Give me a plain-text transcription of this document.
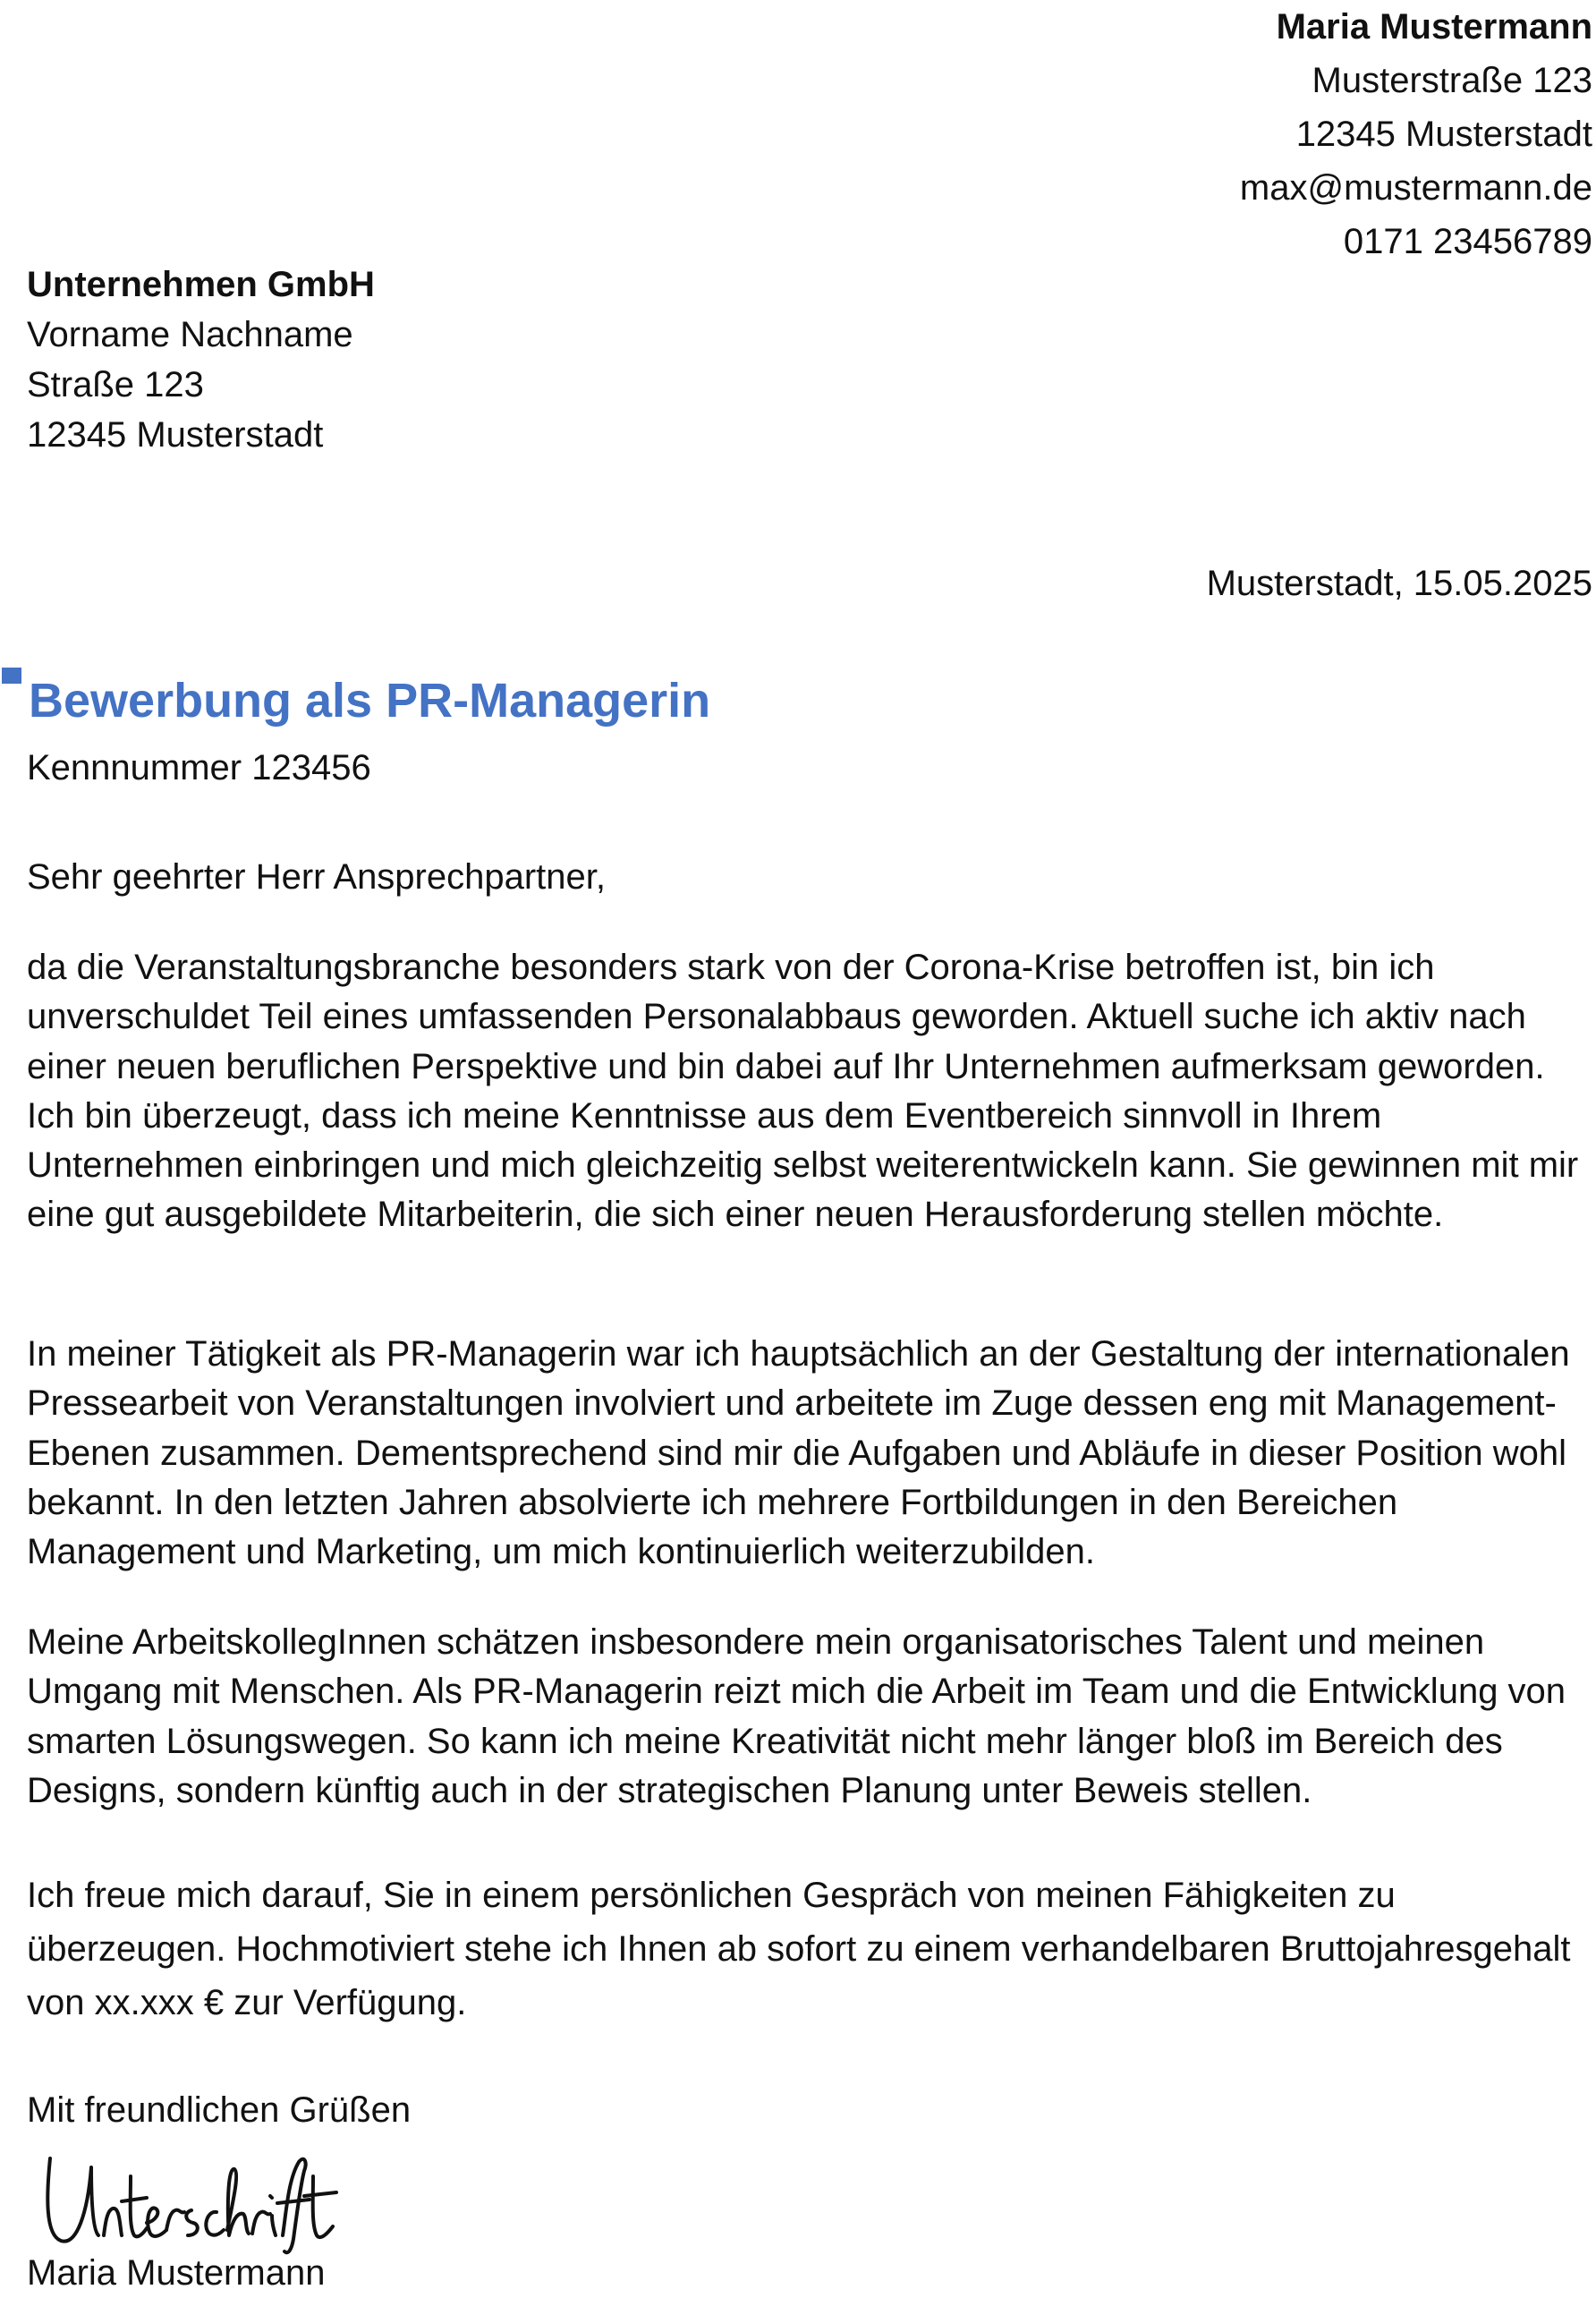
Maria Mustermann
Musterstraße 123
12345 Musterstadt
max@mustermann.de
0171 23456789
Unternehmen GmbH
Vorname Nachname
Straße 123
12345 Musterstadt
Musterstadt, 15.05.2025
Bewerbung als PR-Managerin
Kennnummer 123456
Sehr geehrter Herr Ansprechpartner,

da die Veranstaltungsbranche besonders stark von der Corona-Krise betroffen ist, bin ich unverschuldet Teil eines umfassenden Personalabbaus geworden. Aktuell suche ich aktiv nach einer neuen beruflichen Perspektive und bin dabei auf Ihr Unternehmen aufmerksam geworden. Ich bin überzeugt, dass ich meine Kenntnisse aus dem Eventbereich sinnvoll in Ihrem Unternehmen einbringen und mich gleichzeitig selbst weiterentwickeln kann. Sie gewinnen mit mir eine gut ausgebildete Mitarbeiterin, die sich einer neuen Herausforderung stellen möchte.

In meiner Tätigkeit als PR-Managerin war ich hauptsächlich an der Gestaltung der internationalen Pressearbeit von Veranstaltungen involviert und arbeitete im Zuge dessen eng mit Management-Ebenen zusammen. Dementsprechend sind mir die Aufgaben und Abläufe in dieser Position wohl bekannt. In den letzten Jahren absolvierte ich mehrere Fortbildungen in den Bereichen Management und Marketing, um mich kontinuierlich weiterzubilden.

Meine ArbeitskollegInnen schätzen insbesondere mein organisatorisches Talent und meinen Umgang mit Menschen. Als PR-Managerin reizt mich die Arbeit im Team und die Entwicklung von smarten Lösungswegen. So kann ich meine Kreativität nicht mehr länger bloß im Bereich des Designs, sondern künftig auch in der strategischen Planung unter Beweis stellen.

Ich freue mich darauf, Sie in einem persönlichen Gespräch von meinen Fähigkeiten zu überzeugen. Hochmotiviert stehe ich Ihnen ab sofort zu einem verhandelbaren Bruttojahresgehalt von xx.xxx € zur Verfügung.

Mit freundlichen Grüßen
Maria Mustermann
